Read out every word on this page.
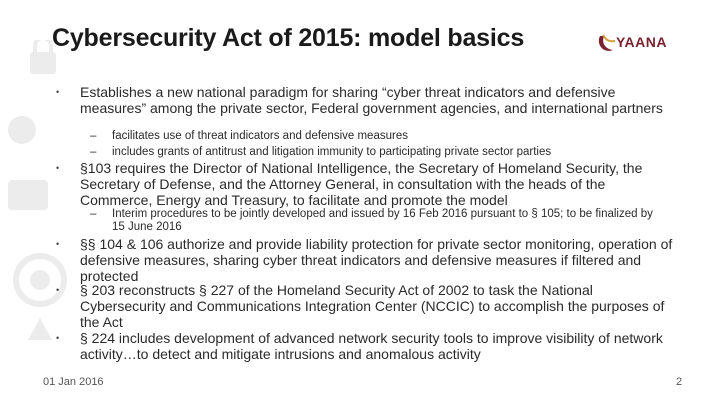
Cybersecurity Act of 2015: model basics	YAANA
• Establishes a new national paradigm for sharing “cyber threat indicators and defensive measures” among the private sector, Federal government agencies, and international partners
– facilitates use of threat indicators and defensive measures
– includes grants of antitrust and litigation immunity to participating private sector parties
• §103 requires the Director of National Intelligence, the Secretary of Homeland Security, the Secretary of Defense, and the Attorney General, in consultation with the heads of the Commerce, Energy and Treasury, to facilitate and promote the model
– Interim procedures to be jointly developed and issued by 16 Feb 2016 pursuant to § 105; to be finalized by 15 June 2016
• §§ 104 & 106 authorize and provide liability protection for private sector monitoring, operation of defensive measures, sharing cyber threat indicators and defensive measures if filtered and protected
• § 203 reconstructs § 227 of the Homeland Security Act of 2002 to task the National Cybersecurity and Communications Integration Center (NCCIC) to accomplish the purposes of the Act
• § 224 includes development of advanced network security tools to improve visibility of network activity…to detect and mitigate intrusions and anomalous activity
01 Jan 2016	2
